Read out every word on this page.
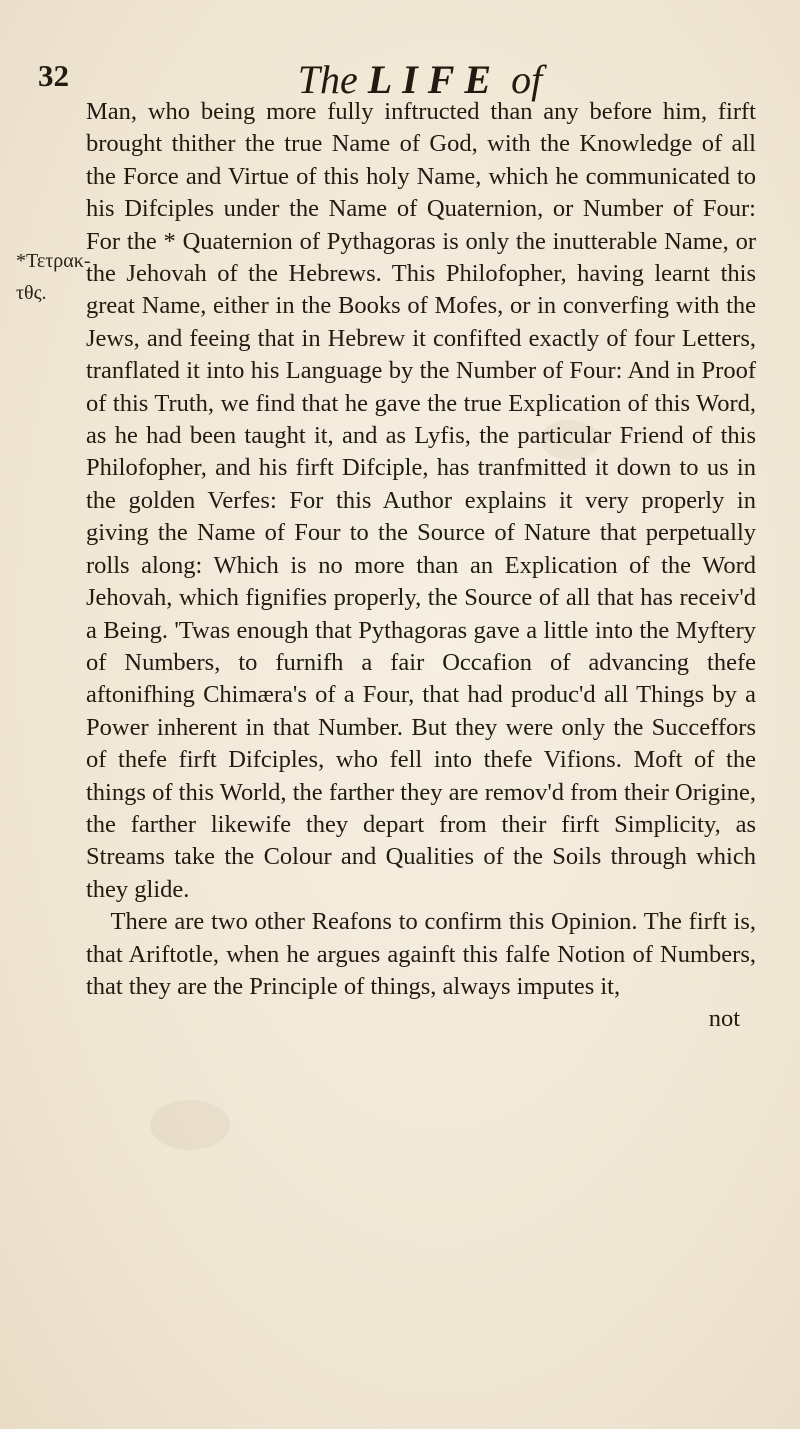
32	The LIFE of
*Τετρακ-
τθς.

Man, who being more fully inftructed than any before him, firft brought thither the true Name of God, with the Knowledge of all the Force and Virtue of this holy Name, which he communicated to his Difciples under the Name of Quaternion, or Number of Four: For the * Quaternion of Pythagoras is only the inutterable Name, or the Jehovah of the Hebrews. This Philofopher, having learnt this great Name, either in the Books of Mofes, or in converfing with the Jews, and feeing that in Hebrew it confifted exactly of four Letters, tranflated it into his Language by the Number of Four: And in Proof of this Truth, we find that he gave the true Explication of this Word, as he had been taught it, and as Lyfis, the particular Friend of this Philofopher, and his firft Difciple, has tranfmitted it down to us in the golden Verfes: For this Author explains it very properly in giving the Name of Four to the Source of Nature that perpetually rolls along: Which is no more than an Explication of the Word Jehovah, which fignifies properly, the Source of all that has receiv'd a Being. 'Twas enough that Pythagoras gave a little into the Myftery of Numbers, to furnifh a fair Occafion of advancing thefe aftonifhing Chimæra's of a Four, that had produc'd all Things by a Power inherent in that Number. But they were only the Succeffors of thefe firft Difciples, who fell into thefe Vifions. Moft of the things of this World, the farther they are remov'd from their Origine, the farther likewife they depart from their firft Simplicity, as Streams take the Colour and Qualities of the Soils through which they glide.

There are two other Reafons to confirm this Opinion. The firft is, that Ariftotle, when he argues againft this falfe Notion of Numbers, that they are the Principle of things, always imputes it,

not
